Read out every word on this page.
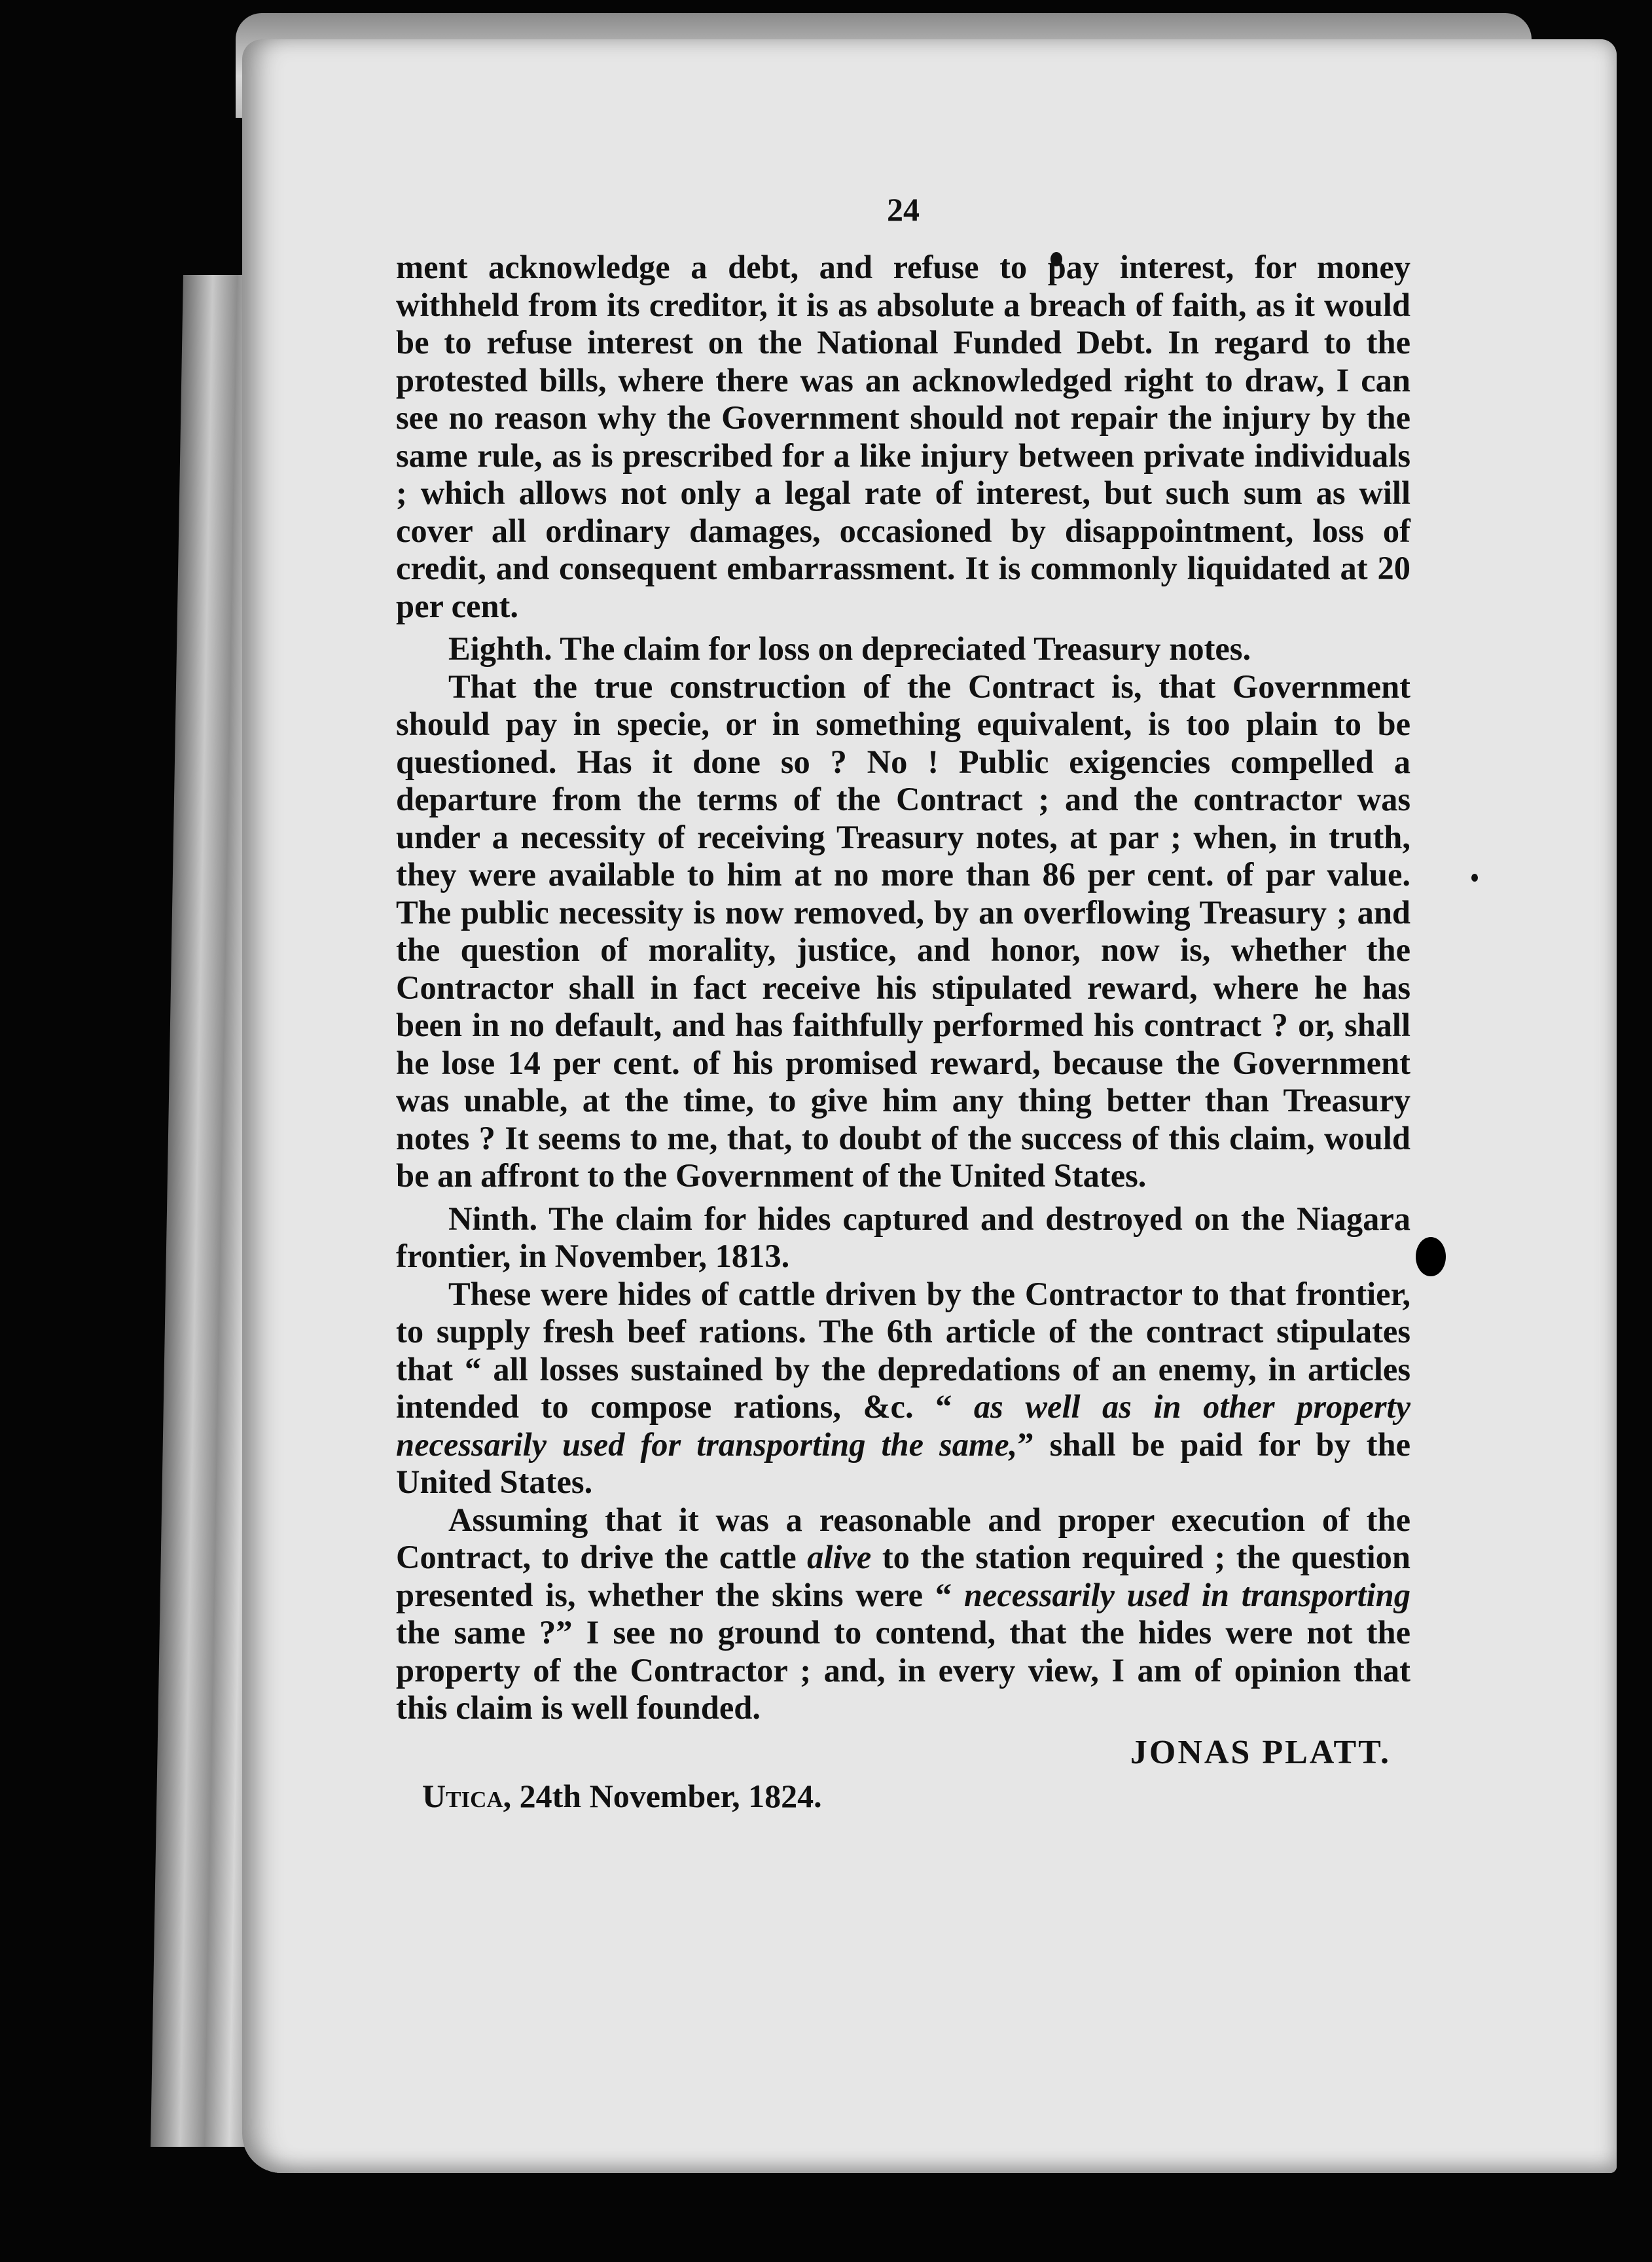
24

ment acknowledge a debt, and refuse to pay interest, for money withheld from its creditor, it is as absolute a breach of faith, as it would be to refuse interest on the National Funded Debt. In regard to the protested bills, where there was an acknowledged right to draw, I can see no reason why the Government should not repair the injury by the same rule, as is prescribed for a like injury between private individuals ; which allows not only a legal rate of interest, but such sum as will cover all ordinary damages, occasioned by disappointment, loss of credit, and consequent embarrassment. It is commonly liquidated at 20 per cent.

Eighth. The claim for loss on depreciated Treasury notes.

That the true construction of the Contract is, that Government should pay in specie, or in something equivalent, is too plain to be questioned. Has it done so ? No ! Public exigencies compelled a departure from the terms of the Contract ; and the contractor was under a necessity of receiving Treasury notes, at par ; when, in truth, they were available to him at no more than 86 per cent. of par value. The public necessity is now removed, by an overflowing Treasury ; and the question of morality, justice, and honor, now is, whether the Contractor shall in fact receive his stipulated reward, where he has been in no default, and has faithfully performed his contract ? or, shall he lose 14 per cent. of his promised reward, because the Government was unable, at the time, to give him any thing better than Treasury notes ? It seems to me, that, to doubt of the success of this claim, would be an affront to the Government of the United States.

Ninth. The claim for hides captured and destroyed on the Niagara frontier, in November, 1813.

These were hides of cattle driven by the Contractor to that frontier, to supply fresh beef rations. The 6th article of the contract stipulates that “ all losses sustained by the depredations of an enemy, in articles intended to compose rations, &c. “ as well as in other property necessarily used for transporting the same,” shall be paid for by the United States.

Assuming that it was a reasonable and proper execution of the Contract, to drive the cattle alive to the station required ; the question presented is, whether the skins were “ necessarily used in transporting the same ?” I see no ground to contend, that the hides were not the property of the Contractor ; and, in every view, I am of opinion that this claim is well founded.

JONAS PLATT.
Utica, 24th November, 1824.
